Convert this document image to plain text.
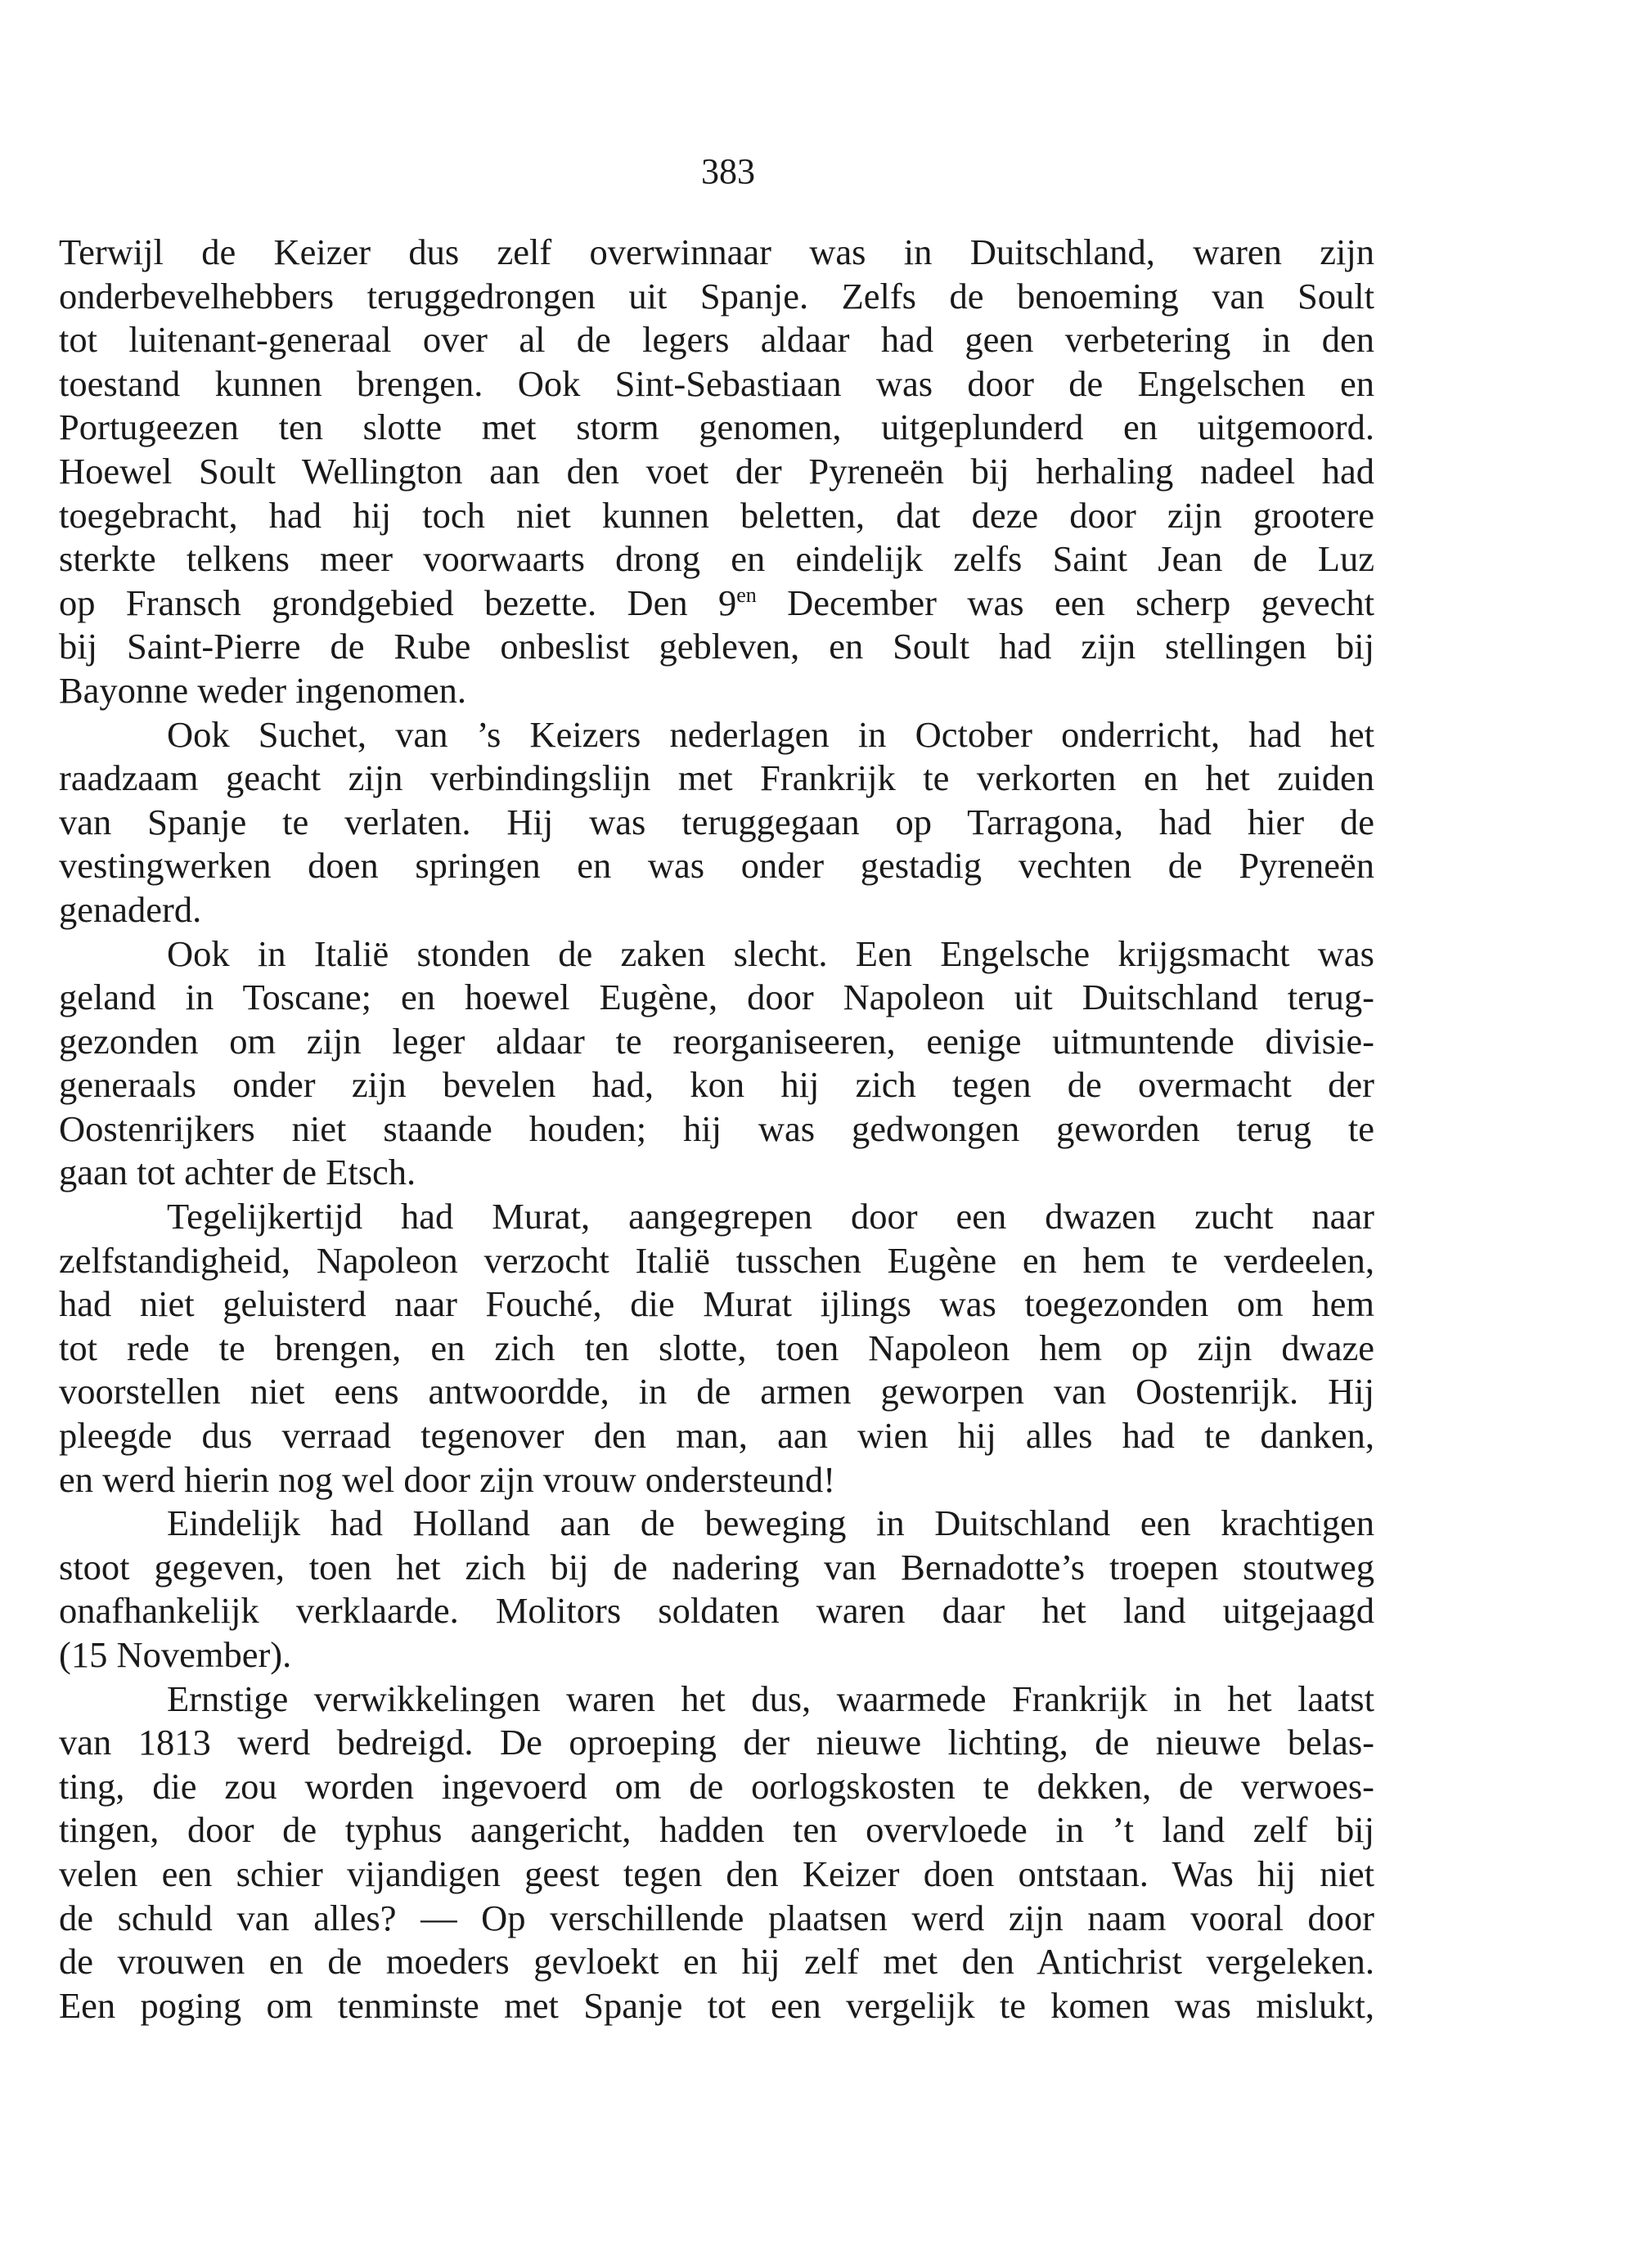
383
Terwijl de Keizer dus zelf overwinnaar was in Duitschland, waren zijn
onderbevelhebbers teruggedrongen uit Spanje. Zelfs de benoeming van Soult
tot luitenant-generaal over al de legers aldaar had geen verbetering in den
toestand kunnen brengen. Ook Sint-Sebastiaan was door de Engelschen en
Portugeezen ten slotte met storm genomen, uitgeplunderd en uitgemoord.
Hoewel Soult Wellington aan den voet der Pyreneën bij herhaling nadeel had
toegebracht, had hij toch niet kunnen beletten, dat deze door zijn grootere
sterkte telkens meer voorwaarts drong en eindelijk zelfs Saint Jean de Luz
op Fransch grondgebied bezette. Den $9^{en}$ December was een scherp gevecht
bij Saint-Pierre de Rube onbeslist gebleven, en Soult had zijn stellingen bij
Bayonne weder ingenomen.
Ook Suchet, van ’s Keizers nederlagen in October onderricht, had het
raadzaam geacht zijn verbindingslijn met Frankrijk te verkorten en het zuiden
van Spanje te verlaten. Hij was teruggegaan op Tarragona, had hier de
vestingwerken doen springen en was onder gestadig vechten de Pyreneën
genaderd.
Ook in Italië stonden de zaken slecht. Een Engelsche krijgsmacht was
geland in Toscane; en hoewel Eugène, door Napoleon uit Duitschland terug-
gezonden om zijn leger aldaar te reorganiseeren, eenige uitmuntende divisie-
generaals onder zijn bevelen had, kon hij zich tegen de overmacht der
Oostenrijkers niet staande houden; hij was gedwongen geworden terug te
gaan tot achter de Etsch.
Tegelijkertijd had Murat, aangegrepen door een dwazen zucht naar
zelfstandigheid, Napoleon verzocht Italië tusschen Eugène en hem te verdeelen,
had niet geluisterd naar Fouché, die Murat ijlings was toegezonden om hem
tot rede te brengen, en zich ten slotte, toen Napoleon hem op zijn dwaze
voorstellen niet eens antwoordde, in de armen geworpen van Oostenrijk. Hij
pleegde dus verraad tegenover den man, aan wien hij alles had te danken,
en werd hierin nog wel door zijn vrouw ondersteund!
Eindelijk had Holland aan de beweging in Duitschland een krachtigen
stoot gegeven, toen het zich bij de nadering van Bernadotte’s troepen stoutweg
onafhankelijk verklaarde. Molitors soldaten waren daar het land uitgejaagd
(15 November).
Ernstige verwikkelingen waren het dus, waarmede Frankrijk in het laatst
van 1813 werd bedreigd. De oproeping der nieuwe lichting, de nieuwe belas-
ting, die zou worden ingevoerd om de oorlogskosten te dekken, de verwoes-
tingen, door de typhus aangericht, hadden ten overvloede in ’t land zelf bij
velen een schier vijandigen geest tegen den Keizer doen ontstaan. Was hij niet
de schuld van alles? — Op verschillende plaatsen werd zijn naam vooral door
de vrouwen en de moeders gevloekt en hij zelf met den Antichrist vergeleken.
Een poging om tenminste met Spanje tot een vergelijk te komen was mislukt,
